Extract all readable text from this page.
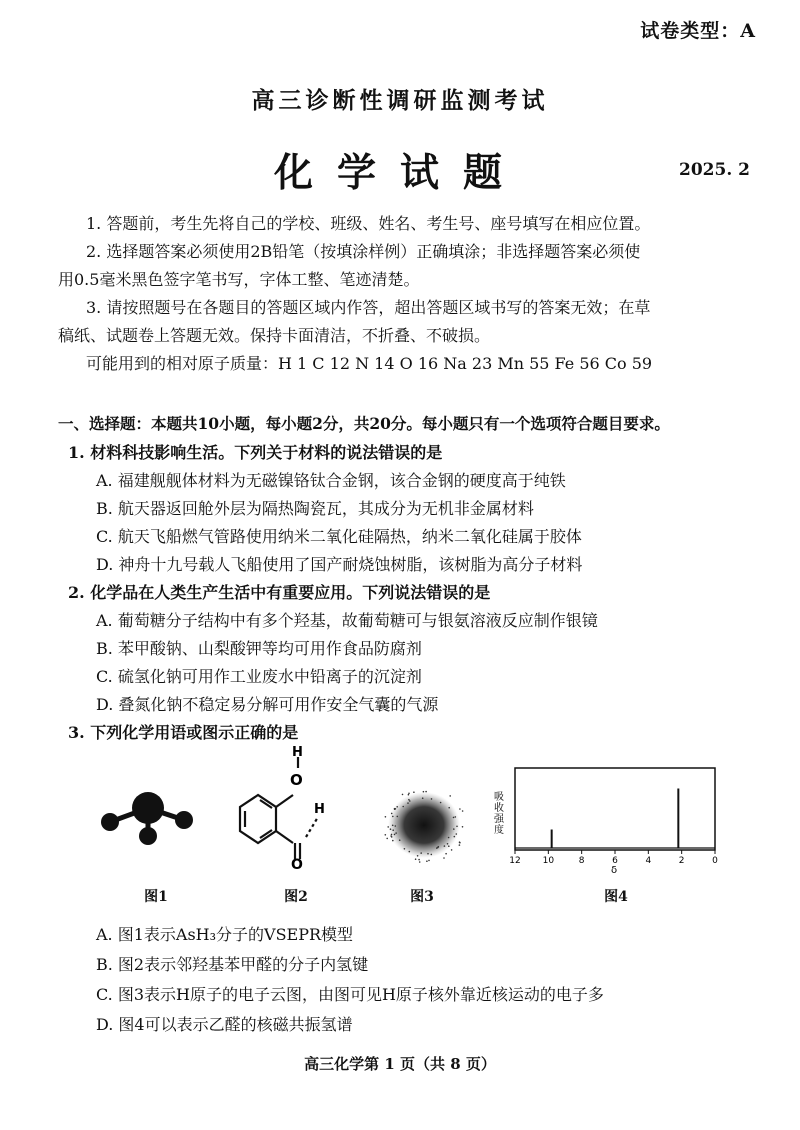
试卷类型：A
高三诊断性调研监测考试
化学试题	2025. 2
1. 答题前，考生先将自己的学校、班级、姓名、考生号、座号填写在相应位置。
2. 选择题答案必须使用2B铅笔（按填涂样例）正确填涂；非选择题答案必须使
用0.5毫米黑色签字笔书写，字体工整、笔迹清楚。
3. 请按照题号在各题目的答题区域内作答，超出答题区域书写的答案无效；在草
稿纸、试题卷上答题无效。保持卡面清洁，不折叠、不破损。
可能用到的相对原子质量：H 1 C 12 N 14 O 16 Na 23 Mn 55 Fe 56 Co 59
一、选择题：本题共10小题，每小题2分，共20分。每小题只有一个选项符合题目要求。
1. 材料科技影响生活。下列关于材料的说法错误的是
A. 福建舰舰体材料为无磁镍铬钛合金钢，该合金钢的硬度高于纯铁
B. 航天器返回舱外层为隔热陶瓷瓦，其成分为无机非金属材料
C. 航天飞船燃气管路使用纳米二氧化硅隔热，纳米二氧化硅属于胶体
D. 神舟十九号载人飞船使用了国产耐烧蚀树脂，该树脂为高分子材料
2. 化学品在人类生产生活中有重要应用。下列说法错误的是
A. 葡萄糖分子结构中有多个羟基，故葡萄糖可与银氨溶液反应制作银镜
B. 苯甲酸钠、山梨酸钾等均可用作食品防腐剂
C. 硫氢化钠可用作工业废水中铅离子的沉淀剂
D. 叠氮化钠不稳定易分解可用作安全气囊的气源
3. 下列化学用语或图示正确的是
H
O
H
O
吸
收
强
度
12 10	8	6	4	2	0
δ
图1	图2	图3	图4
A. 图1表示AsH₃分子的VSEPR模型
B. 图2表示邻羟基苯甲醛的分子内氢键
C. 图3表示H原子的电子云图，由图可见H原子核外靠近核运动的电子多
D. 图4可以表示乙醛的核磁共振氢谱
高三化学第 1 页（共 8 页）
